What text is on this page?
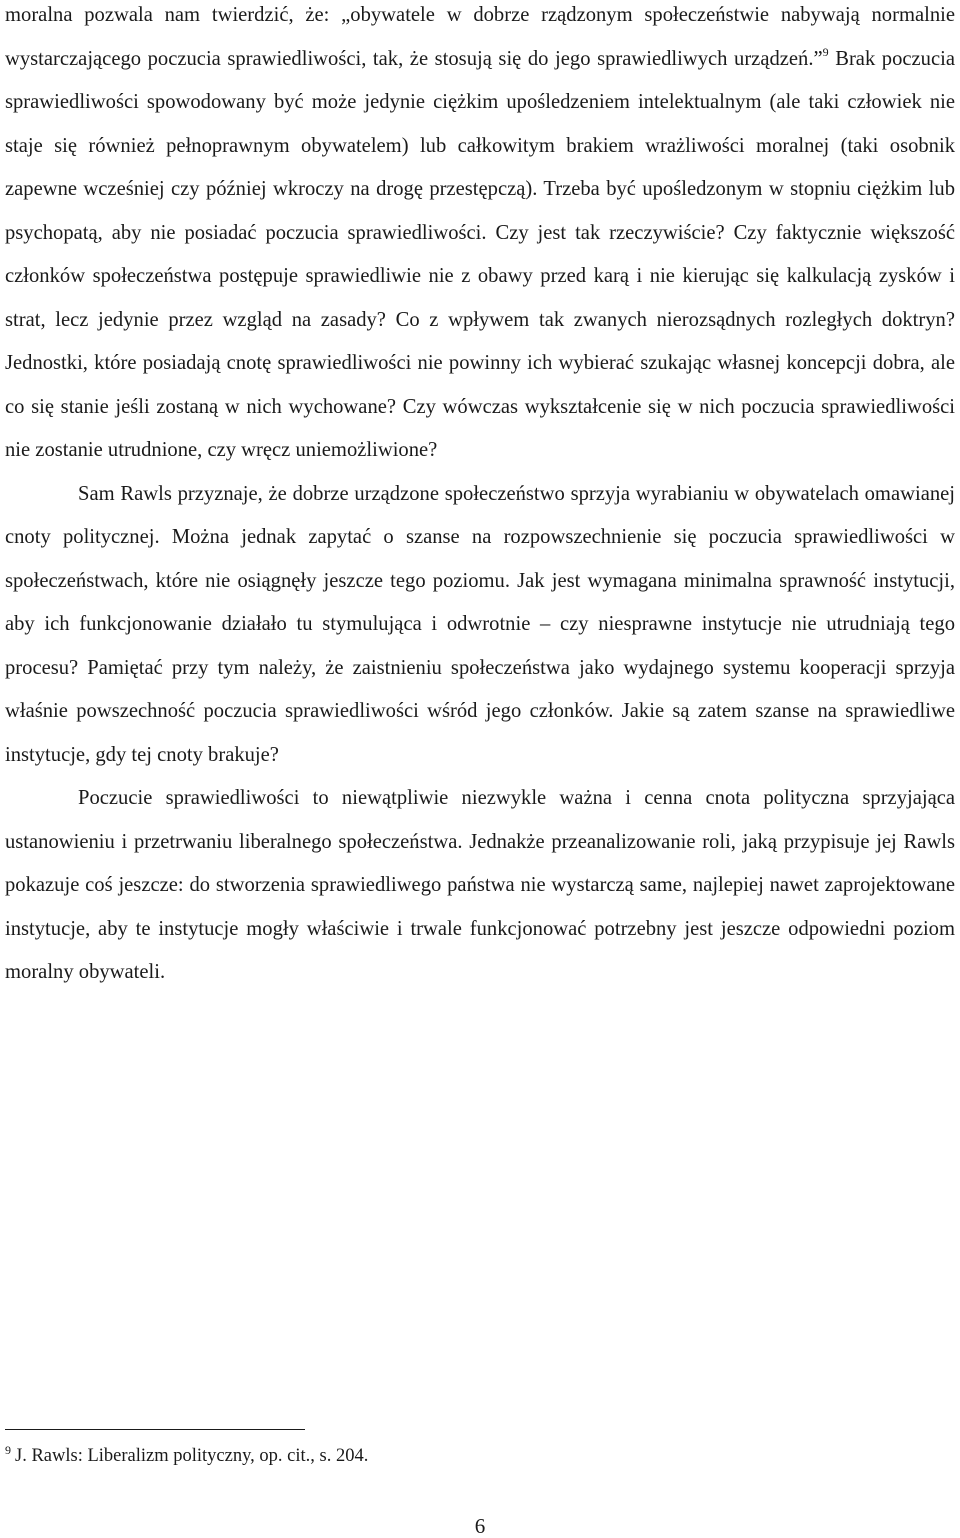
moralna pozwala nam twierdzić, że: „obywatele w dobrze rządzonym społeczeństwie nabywają normalnie wystarczającego poczucia sprawiedliwości, tak, że stosują się do jego sprawiedliwych urządzeń.”$^9$ Brak poczucia sprawiedliwości spowodowany być może jedynie ciężkim upośledzeniem intelektualnym (ale taki człowiek nie staje się również pełnoprawnym obywatelem) lub całkowitym brakiem wrażliwości moralnej (taki osobnik zapewne wcześniej czy później wkroczy na drogę przestępczą). Trzeba być upośledzonym w stopniu ciężkim lub psychopatą, aby nie posiadać poczucia sprawiedliwości. Czy jest tak rzeczywiście? Czy faktycznie większość członków społeczeństwa postępuje sprawiedliwie nie z obawy przed karą i nie kierując się kalkulacją zysków i strat, lecz jedynie przez wzgląd na zasady? Co z wpływem tak zwanych nierozsądnych rozległych doktryn? Jednostki, które posiadają cnotę sprawiedliwości nie powinny ich wybierać szukając własnej koncepcji dobra, ale co się stanie jeśli zostaną w nich wychowane? Czy wówczas wykształcenie się w nich poczucia sprawiedliwości nie zostanie utrudnione, czy wręcz uniemożliwione?

Sam Rawls przyznaje, że dobrze urządzone społeczeństwo sprzyja wyrabianiu w obywatelach omawianej cnoty politycznej. Można jednak zapytać o szanse na rozpowszechnienie się poczucia sprawiedliwości w społeczeństwach, które nie osiągnęły jeszcze tego poziomu. Jak jest wymagana minimalna sprawność instytucji, aby ich funkcjonowanie działało tu stymulująca i odwrotnie – czy niesprawne instytucje nie utrudniają tego procesu? Pamiętać przy tym należy, że zaistnieniu społeczeństwa jako wydajnego systemu kooperacji sprzyja właśnie powszechność poczucia sprawiedliwości wśród jego członków. Jakie są zatem szanse na sprawiedliwe instytucje, gdy tej cnoty brakuje?

Poczucie sprawiedliwości to niewątpliwie niezwykle ważna i cenna cnota polityczna sprzyjająca ustanowieniu i przetrwaniu liberalnego społeczeństwa. Jednakże przeanalizowanie roli, jaką przypisuje jej Rawls pokazuje coś jeszcze: do stworzenia sprawiedliwego państwa nie wystarczą same, najlepiej nawet zaprojektowane instytucje, aby te instytucje mogły właściwie i trwale funkcjonować potrzebny jest jeszcze odpowiedni poziom moralny obywateli.

$^9$ J. Rawls: Liberalizm polityczny, op. cit., s. 204.

6
